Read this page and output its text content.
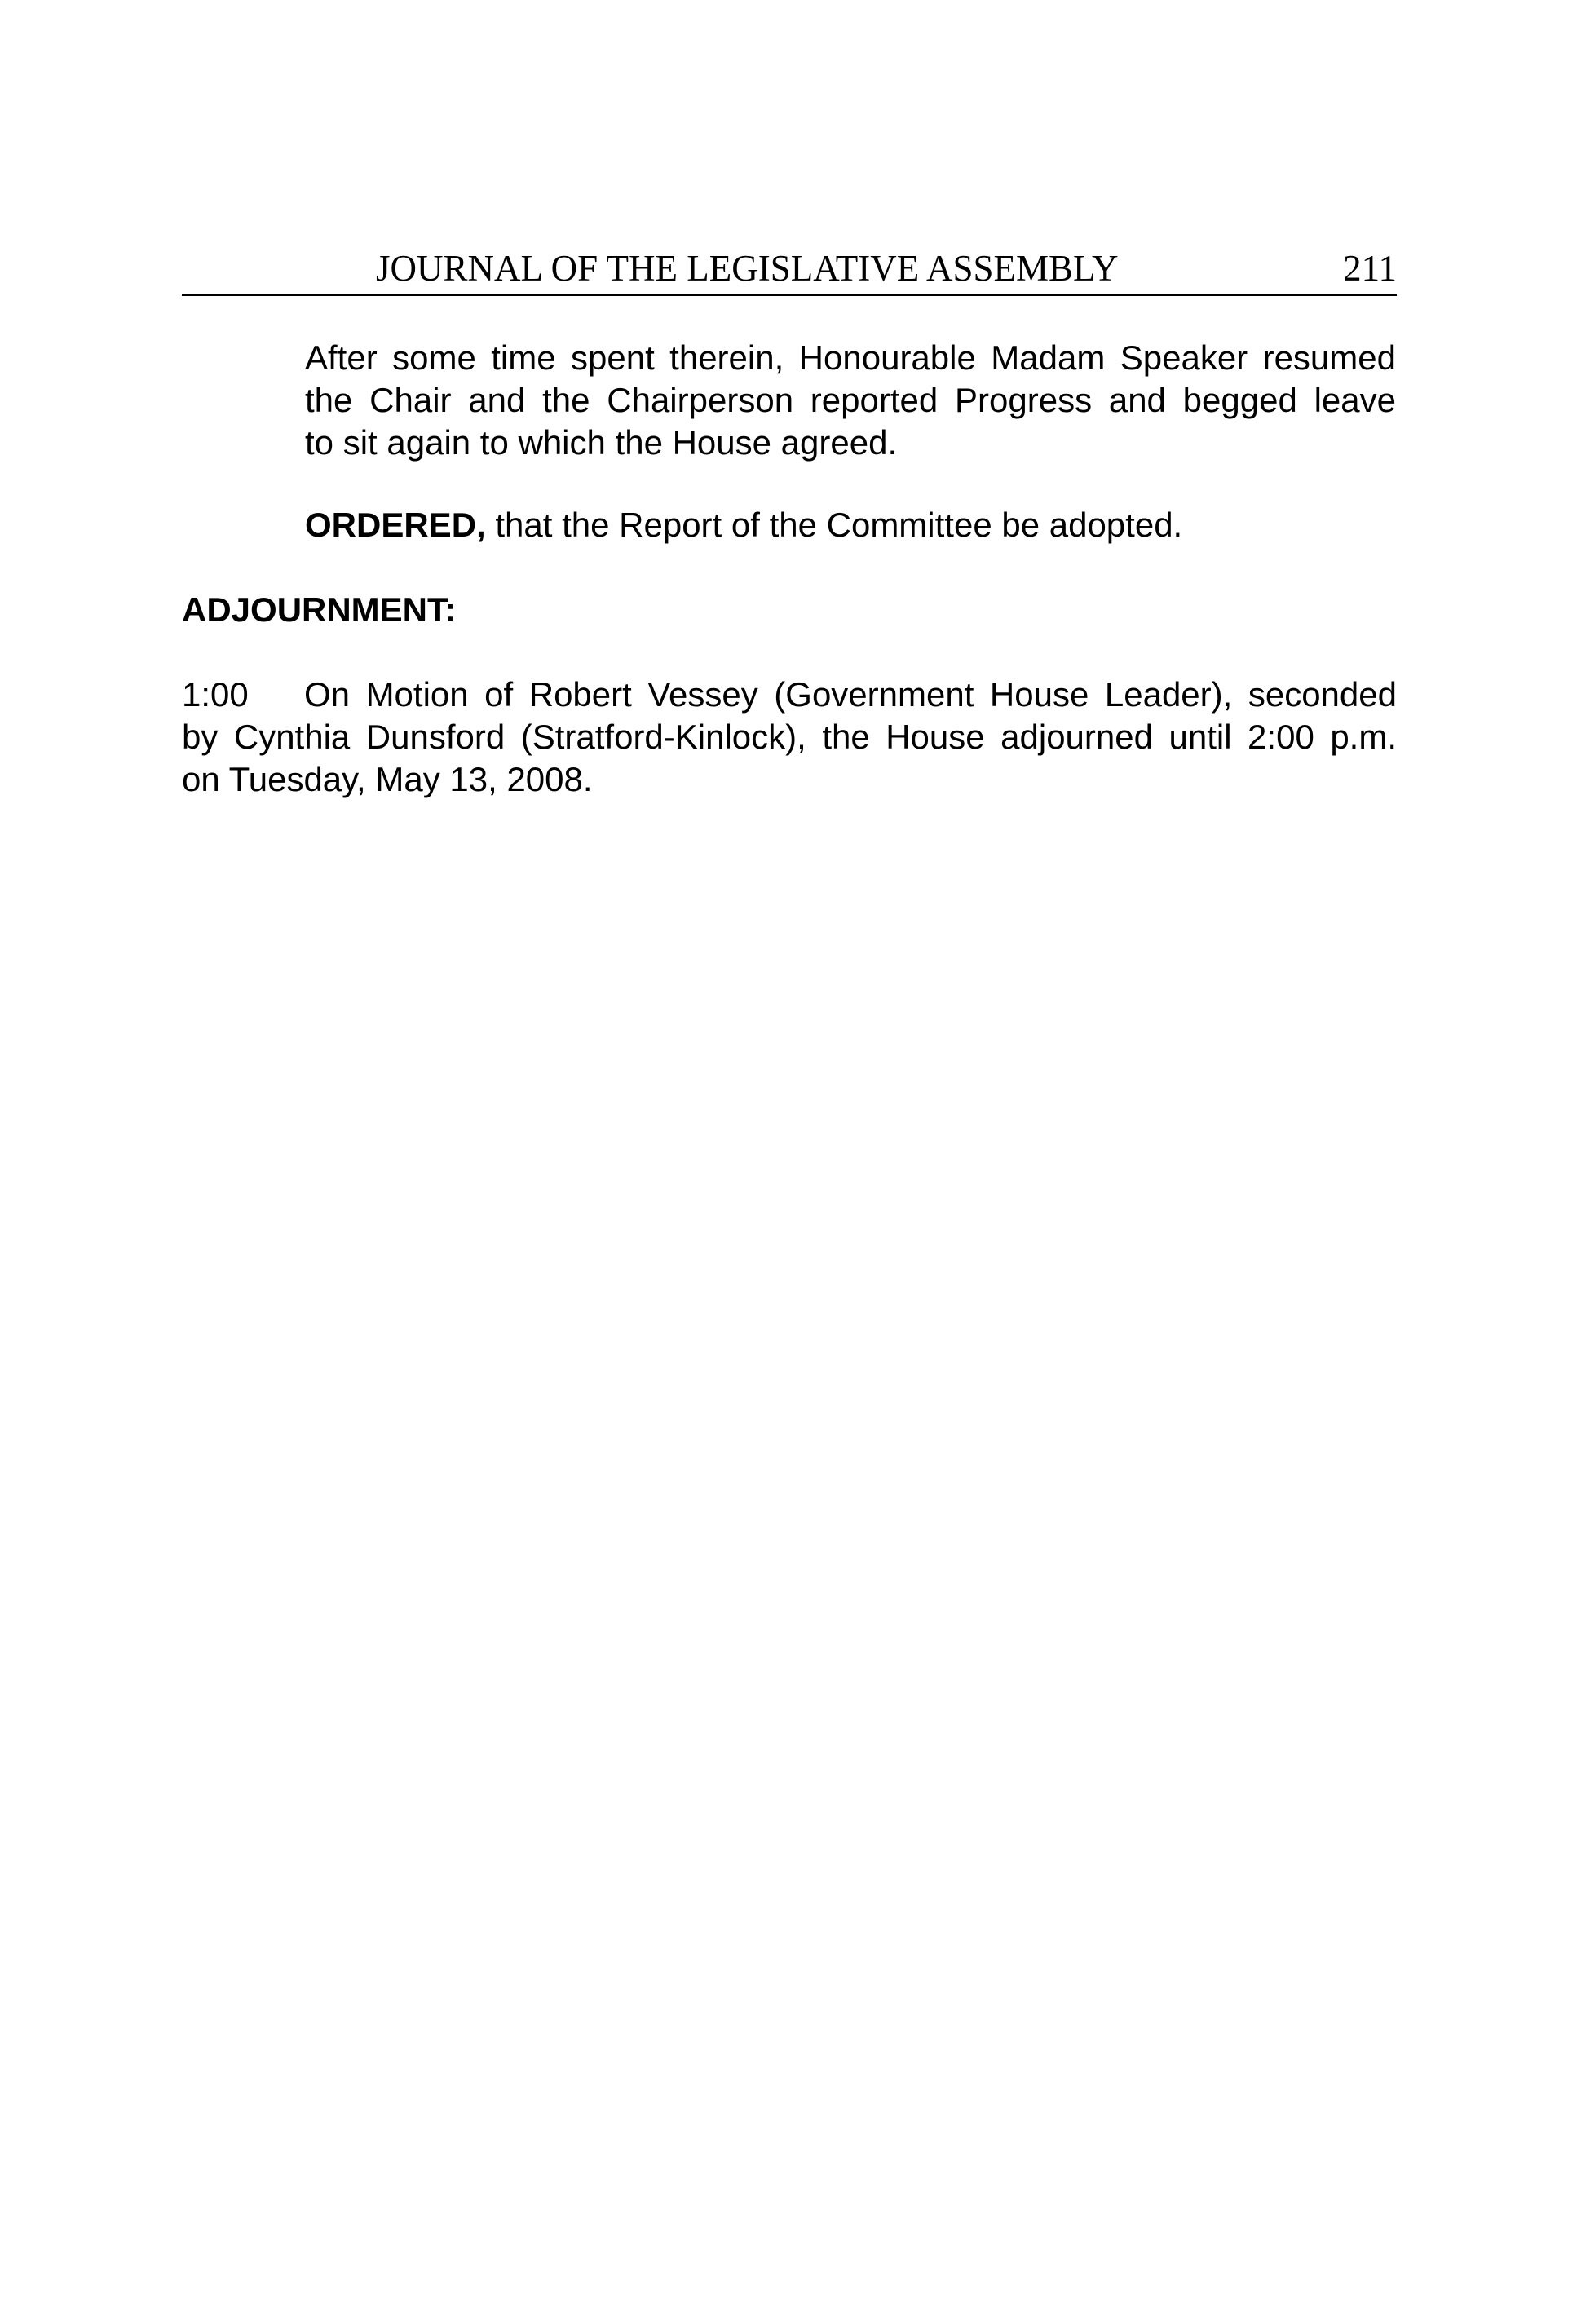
JOURNAL OF THE LEGISLATIVE ASSEMBLY	211
After some time spent therein, Honourable Madam Speaker resumed
the Chair and the Chairperson reported Progress and begged leave
to sit again to which the House agreed.
ORDERED, that the Report of the Committee be adopted.
ADJOURNMENT:
1:00	On Motion of Robert Vessey (Government House Leader), seconded
by Cynthia Dunsford (Stratford-Kinlock), the House adjourned until 2:00 p.m.
on Tuesday, May 13, 2008.
